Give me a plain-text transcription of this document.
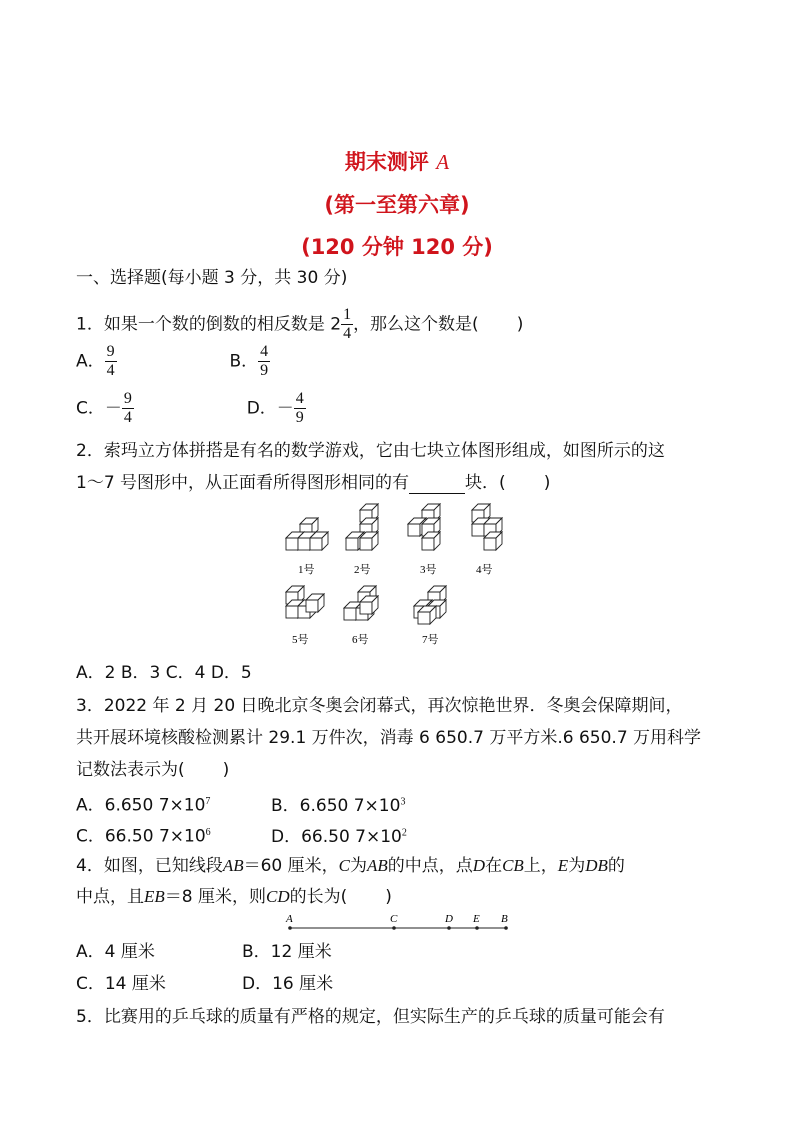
期末测评 A
(第一至第六章)
(120 分钟 120 分)
一、选择题(每小题 3 分，共 30 分)
1．如果一个数的倒数的相反数是 $2 \frac{1}{4}$ ，那么这个数是( )
A． $\frac{9}{4}$	B． $\frac{4}{9}$
C．－ $\frac{9}{4}$	D．－ $\frac{4}{9}$
2．索玛立方体拼搭是有名的数学游戏，它由七块立体图形组成，如图所示的这
1～7 号图形中，从正面看所得图形相同的有	块．( )
1号	2号	3号	4号
5号	6号	7号
A．2 B．3 C．4 D．5
3．2022 年 2 月 20 日晚北京冬奥会闭幕式，再次惊艳世界．冬奥会保障期间，
共开展环境核酸检测累计 29.1 万件次，消毒 6 650.7 万平方米.6 650.7 万用科学
记数法表示为( )
A．6.650 $7\times 10^7$	B．6.650 $7\times 10^3$
C．66.50 $7\times 10^6$	D．66.50 $7\times 10^2$
4．如图，已知线段AB＝60 厘米，C为AB的中点，点D在CB上，E为DB的
中点，且EB＝8 厘米，则CD的长为( )
A	C	D E B
A．4 厘米	B．12 厘米
C．14 厘米	D．16 厘米
5．比赛用的乒乓球的质量有严格的规定，但实际生产的乒乓球的质量可能会有
